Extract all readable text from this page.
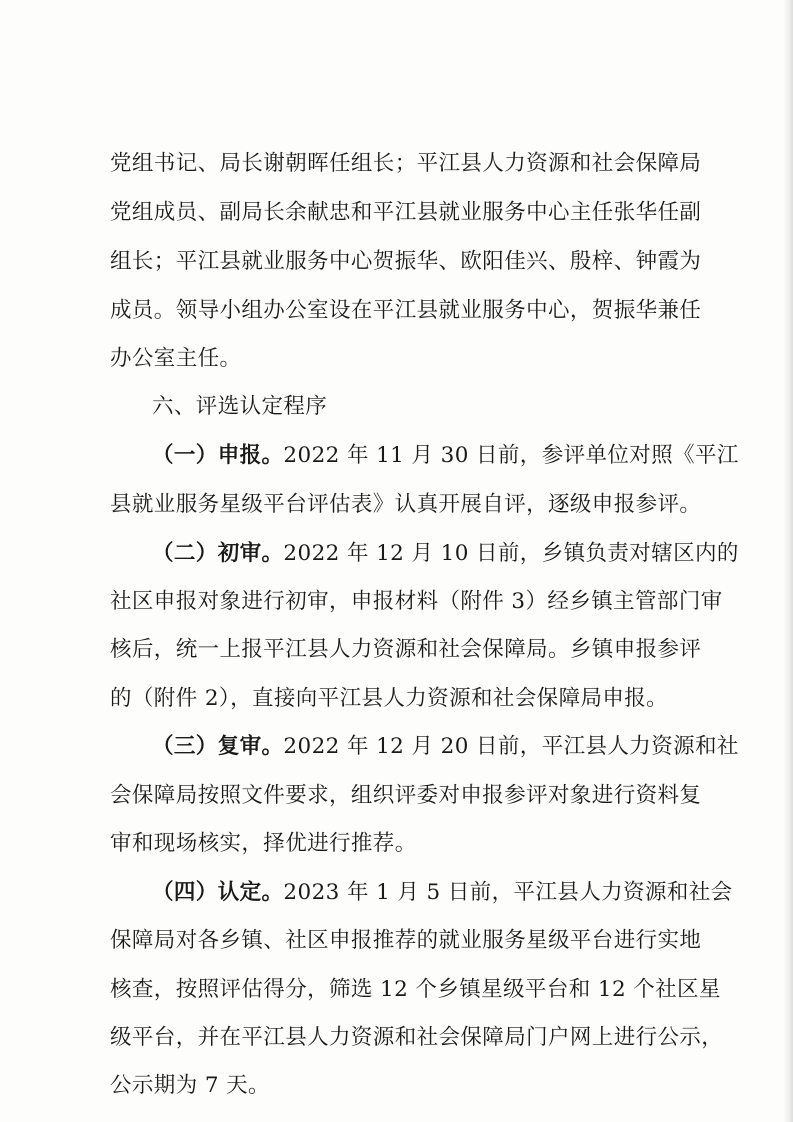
党组书记、局长谢朝晖任组长；平江县人力资源和社会保障局
党组成员、副局长余献忠和平江县就业服务中心主任张华任副
组长；平江县就业服务中心贺振华、欧阳佳兴、殷梓、钟霞为
成员。领导小组办公室设在平江县就业服务中心，贺振华兼任
办公室主任。
六、评选认定程序
（一）申报。2022 年 11 月 30 日前，参评单位对照《平江
县就业服务星级平台评估表》认真开展自评，逐级申报参评。
（二）初审。2022 年 12 月 10 日前，乡镇负责对辖区内的
社区申报对象进行初审，申报材料（附件 3）经乡镇主管部门审
核后，统一上报平江县人力资源和社会保障局。乡镇申报参评
的（附件 2），直接向平江县人力资源和社会保障局申报。
（三）复审。2022 年 12 月 20 日前，平江县人力资源和社
会保障局按照文件要求，组织评委对申报参评对象进行资料复
审和现场核实，择优进行推荐。
（四）认定。2023 年 1 月 5 日前，平江县人力资源和社会
保障局对各乡镇、社区申报推荐的就业服务星级平台进行实地
核查，按照评估得分，筛选 12 个乡镇星级平台和 12 个社区星
级平台，并在平江县人力资源和社会保障局门户网上进行公示，
公示期为 7 天。
